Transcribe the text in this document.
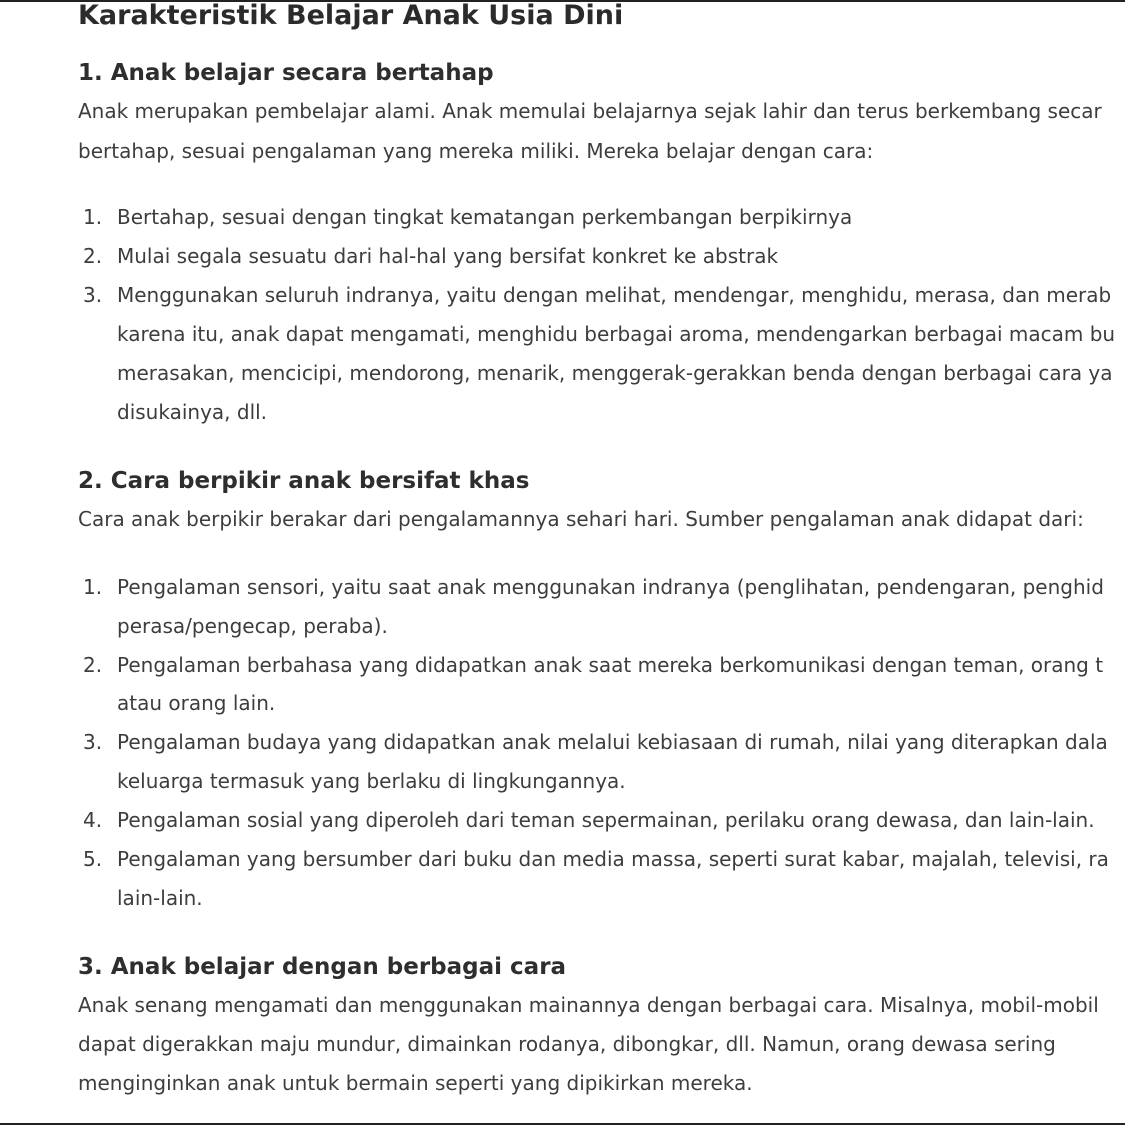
Karakteristik Belajar Anak Usia Dini
1. Anak belajar secara bertahap

Anak merupakan pembelajar alami. Anak memulai belajarnya sejak lahir dan terus berkembang secar

bertahap, sesuai pengalaman yang mereka miliki. Mereka belajar dengan cara:

1. Bertahap, sesuai dengan tingkat kematangan perkembangan berpikirnya

2. Mulai segala sesuatu dari hal-hal yang bersifat konkret ke abstrak

3. Menggunakan seluruh indranya, yaitu dengan melihat, mendengar, menghidu, merasa, dan merab

karena itu, anak dapat mengamati, menghidu berbagai aroma, mendengarkan berbagai macam bu

merasakan, mencicipi, mendorong, menarik, menggerak-gerakkan benda dengan berbagai cara ya

disukainya, dll.

2. Cara berpikir anak bersifat khas

Cara anak berpikir berakar dari pengalamannya sehari hari. Sumber pengalaman anak didapat dari:

1. Pengalaman sensori, yaitu saat anak menggunakan indranya (penglihatan, pendengaran, penghid

perasa/pengecap, peraba).

2. Pengalaman berbahasa yang didapatkan anak saat mereka berkomunikasi dengan teman, orang t

atau orang lain.

3. Pengalaman budaya yang didapatkan anak melalui kebiasaan di rumah, nilai yang diterapkan dala

keluarga termasuk yang berlaku di lingkungannya.

4. Pengalaman sosial yang diperoleh dari teman sepermainan, perilaku orang dewasa, dan lain-lain.

5. Pengalaman yang bersumber dari buku dan media massa, seperti surat kabar, majalah, televisi, ra

lain-lain.

3. Anak belajar dengan berbagai cara

Anak senang mengamati dan menggunakan mainannya dengan berbagai cara. Misalnya, mobil-mobil

dapat digerakkan maju mundur, dimainkan rodanya, dibongkar, dll. Namun, orang dewasa sering

menginginkan anak untuk bermain seperti yang dipikirkan mereka.
